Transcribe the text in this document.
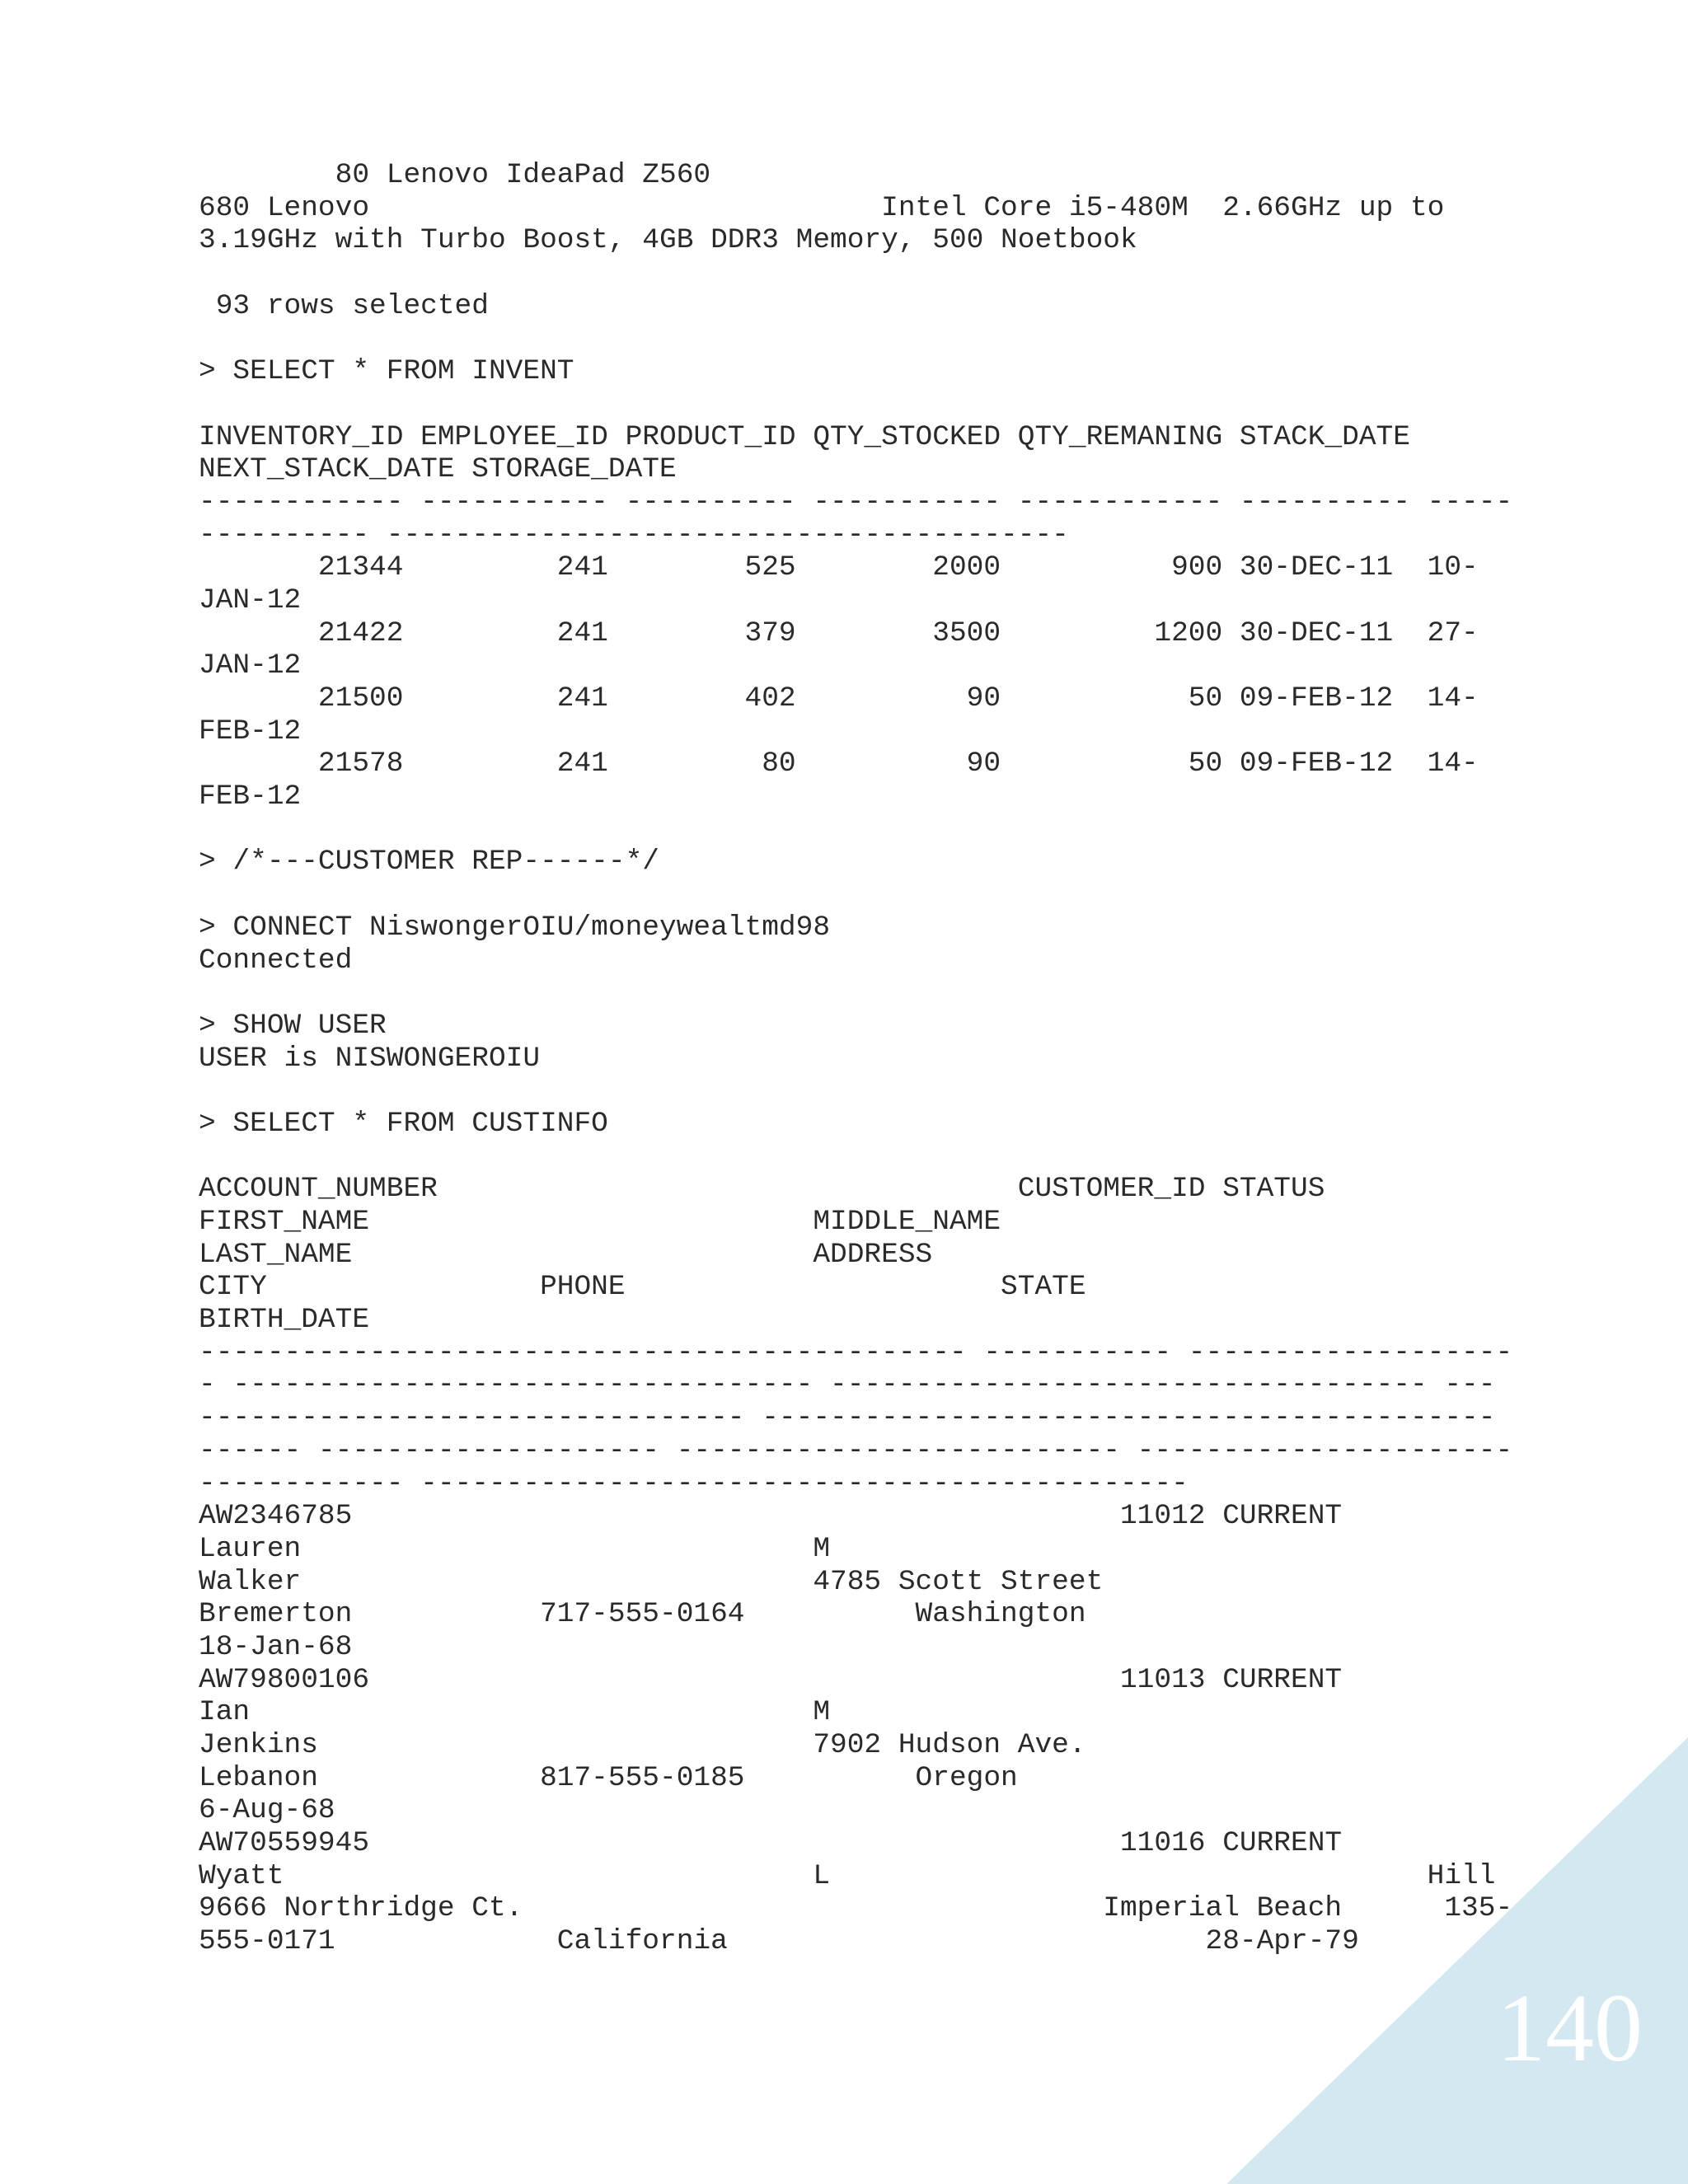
80 Lenovo IdeaPad Z560
680 Lenovo                              Intel Core i5-480M  2.66GHz up to
3.19GHz with Turbo Boost, 4GB DDR3 Memory, 500 Noetbook
93 rows selected
> SELECT * FROM INVENT
INVENTORY_ID EMPLOYEE_ID PRODUCT_ID QTY_STOCKED QTY_REMANING STACK_DATE
NEXT_STACK_DATE STORAGE_DATE
------------ ----------- ---------- ----------- ------------ ---------- -----
---------- ----------------------------------------
21344         241        525        2000          900 30-DEC-11  10-
JAN-12
21422         241        379        3500         1200 30-DEC-11  27-
JAN-12
21500         241        402          90           50 09-FEB-12  14-
FEB-12
21578         241         80          90           50 09-FEB-12  14-
FEB-12
> /*---CUSTOMER REP------*/
> CONNECT NiswongerOIU/moneywealtmd98
Connected
> SHOW USER
USER is NISWONGEROIU
> SELECT * FROM CUSTINFO
ACCOUNT_NUMBER                                  CUSTOMER_ID STATUS
FIRST_NAME                          MIDDLE_NAME
LAST_NAME                           ADDRESS
CITY                PHONE                      STATE
BIRTH_DATE
--------------------------------------------- ----------- -------------------
- ---------------------------------- ----------------------------------- ---
-------------------------------- -------------------------------------------
------ -------------------- -------------------------- ----------------------
------------ ---------------------------------------------
AW2346785                                             11012 CURRENT
Lauren                              M
Walker                              4785 Scott Street
Bremerton           717-555-0164          Washington
18-Jan-68
AW79800106                                            11013 CURRENT
Ian                                 M
Jenkins                             7902 Hudson Ave.
Lebanon             817-555-0185          Oregon
6-Aug-68
AW70559945                                            11016 CURRENT
Wyatt                               L                                   Hill
9666 Northridge Ct.                                  Imperial Beach      135-
555-0171             California                            28-Apr-79
140
